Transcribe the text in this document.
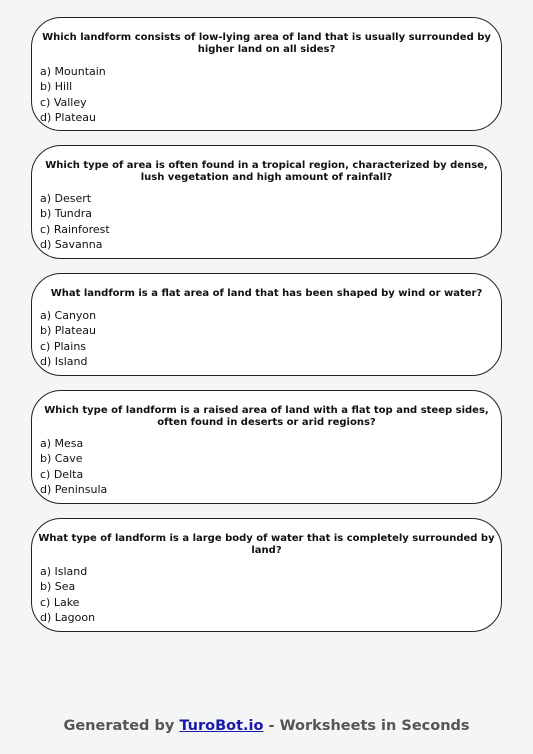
Which landform consists of low-lying area of land that is usually surrounded by higher land on all sides?
a) Mountain
b) Hill
c) Valley
d) Plateau
Which type of area is often found in a tropical region, characterized by dense, lush vegetation and high amount of rainfall?
a) Desert
b) Tundra
c) Rainforest
d) Savanna
What landform is a flat area of land that has been shaped by wind or water?
a) Canyon
b) Plateau
c) Plains
d) Island
Which type of landform is a raised area of land with a flat top and steep sides, often found in deserts or arid regions?
a) Mesa
b) Cave
c) Delta
d) Peninsula
What type of landform is a large body of water that is completely surrounded by land?
a) Island
b) Sea
c) Lake
d) Lagoon
Generated by TuroBot.io - Worksheets in Seconds
